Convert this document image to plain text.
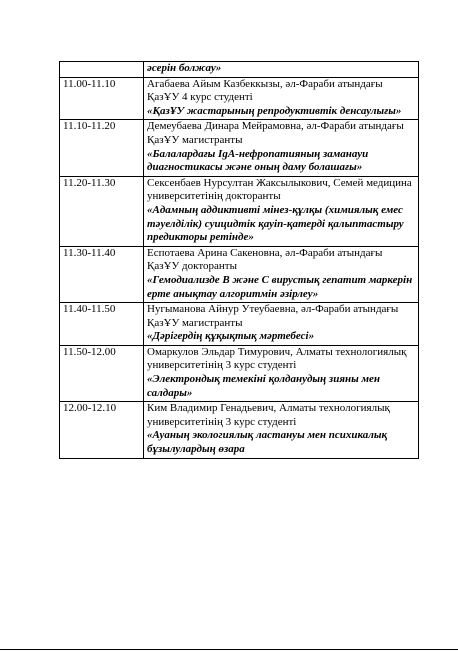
	әсерін болжау»

11.00-11.10	Агабаева Айым Казбеккызы, әл-Фараби атындағы ҚазҰУ 4 курс студенті
«ҚазҰУ жастарының репродуктивтік денсаулығы»

11.10-11.20	Демеубаева Динара Мейрамовна, әл-Фараби атындағы ҚазҰУ магистранты
«Балалардағы IgA-нефропатияның заманауи диагностикасы және оның даму болашағы»

11.20-11.30	Сексенбаев Нурсултан Жаксылыкович, Семей медицина университетінің докторанты
«Адамның аддиктивті мінез-құлқы (химиялық емес тәуелділік) суицидтік қауіп-қатерді қалыптастыру предикторы ретінде»

11.30-11.40	Еспотаева Арина Сакеновна, әл-Фараби атындағы ҚазҰУ докторанты
«Гемодиализде В және С вирустық гепатит маркерін ерте анықтау алгоритмін әзірлеу»

11.40-11.50	Нугыманова Айнур Утеубаевна, әл-Фараби атындағы ҚазҰУ магистранты
«Дәрігердің құқықтық мәртебесі»

11.50-12.00	Омаркулов Эльдар Тимурович, Алматы технологиялық университетінің 3 курс студенті
«Электрондық темекіні қолданудың зияны мен салдары»

12.00-12.10	Ким Владимир Генадьевич, Алматы технологиялық университетінің 3 курс студенті
«Ауаның экологиялық ластануы мен психикалық бұзылулардың өзара
